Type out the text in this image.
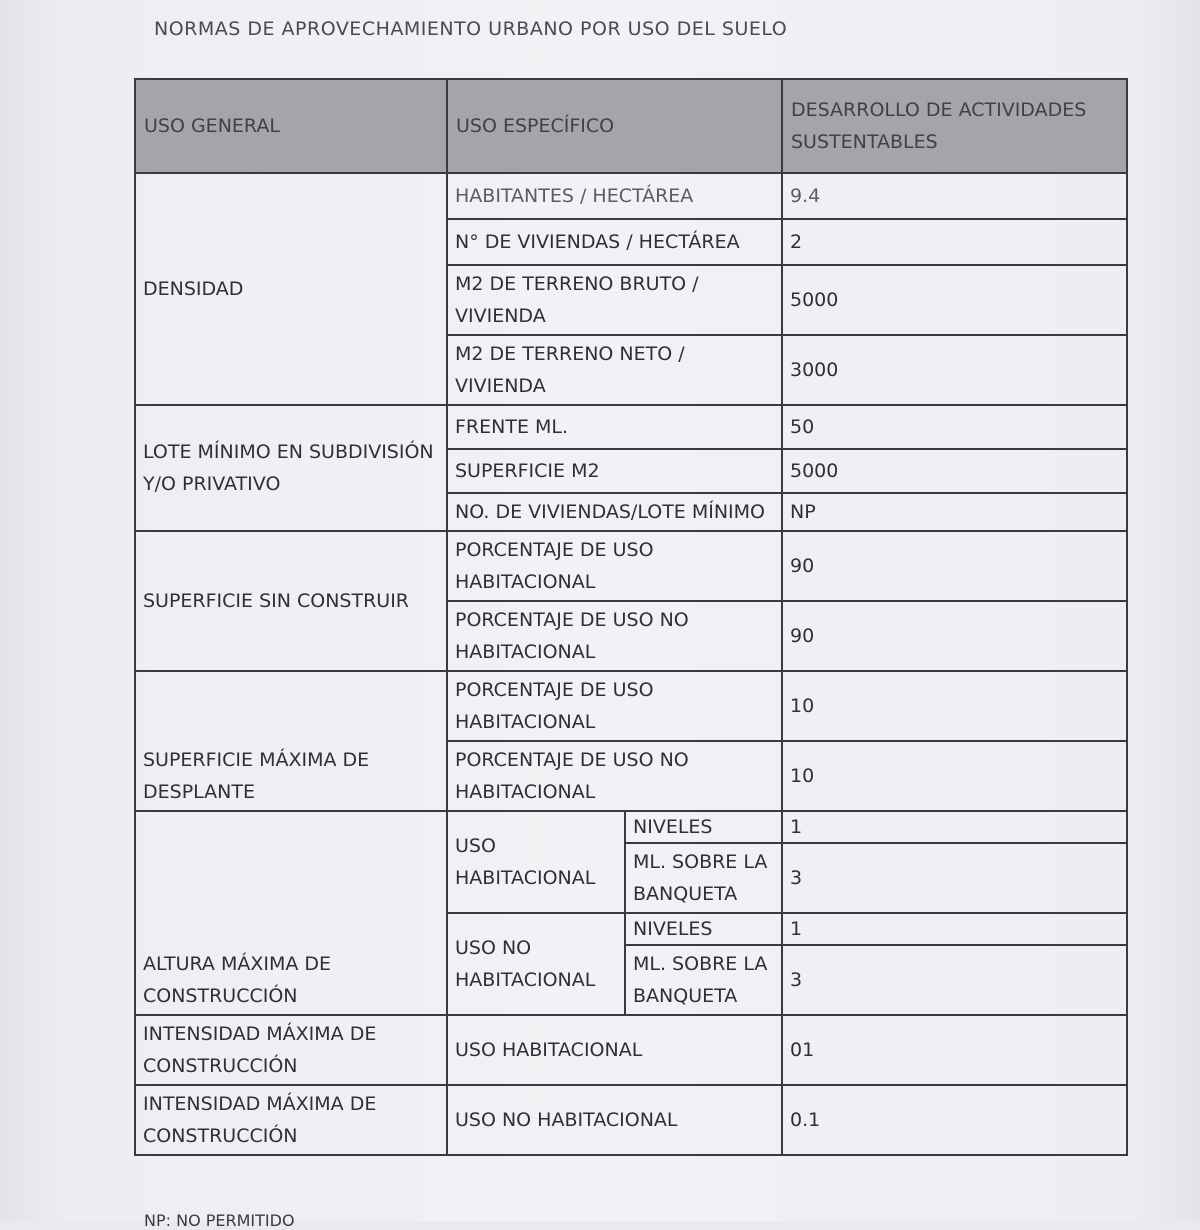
NORMAS DE APROVECHAMIENTO URBANO POR USO DEL SUELO
USO GENERAL	USO ESPECÍFICO		DESARROLLO DE ACTIVIDADES SUSTENTABLES
DENSIDAD	HABITANTES / HECTÁREA		9.4
	N° DE VIVIENDAS / HECTÁREA		2
	M2 DE TERRENO BRUTO / VIVIENDA		5000
	M2 DE TERRENO NETO / VIVIENDA		3000
LOTE MÍNIMO EN SUBDIVISIÓN Y/O PRIVATIVO	FRENTE ML.		50
	SUPERFICIE M2		5000
	NO. DE VIVIENDAS/LOTE MÍNIMO		NP
SUPERFICIE SIN CONSTRUIR	PORCENTAJE DE USO HABITACIONAL		90
	PORCENTAJE DE USO NO HABITACIONAL		90
SUPERFICIE MÁXIMA DE DESPLANTE	PORCENTAJE DE USO HABITACIONAL		10
	PORCENTAJE DE USO NO HABITACIONAL		10
ALTURA MÁXIMA DE CONSTRUCCIÓN	USO HABITACIONAL	NIVELES	1
		ML. SOBRE LA BANQUETA	3
	USO NO HABITACIONAL	NIVELES	1
		ML. SOBRE LA BANQUETA	3
INTENSIDAD MÁXIMA DE CONSTRUCCIÓN	USO HABITACIONAL		01
INTENSIDAD MÁXIMA DE CONSTRUCCIÓN	USO NO HABITACIONAL		0.1
NP: NO PERMITIDO
